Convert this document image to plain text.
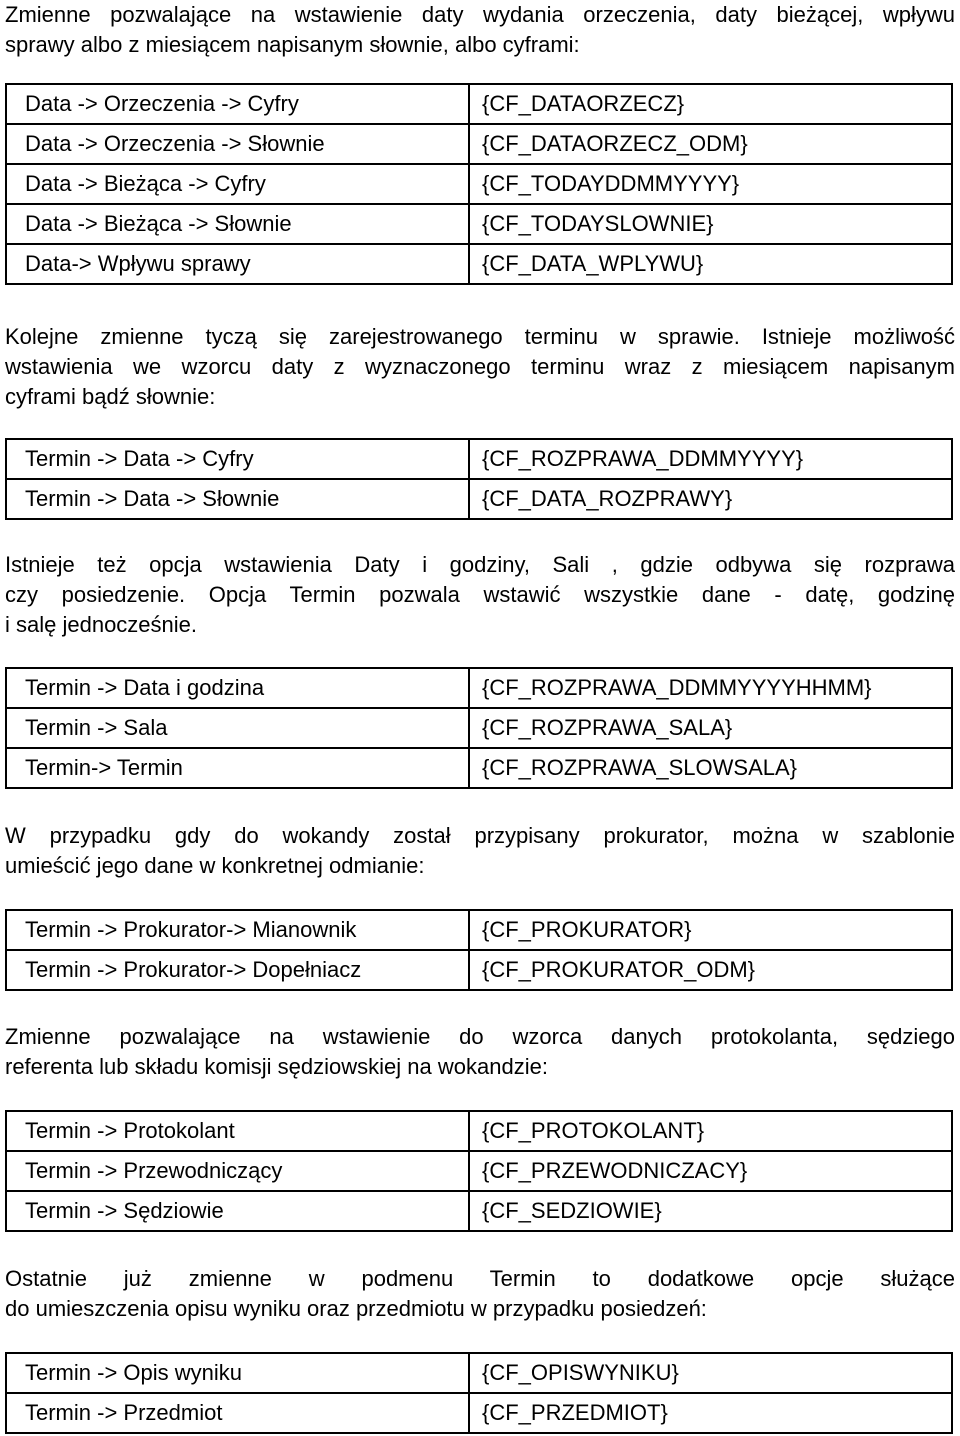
Zmienne pozwalające na wstawienie daty wydania orzeczenia, daty bieżącej, wpływu
sprawy albo z miesiącem napisanym słownie, albo cyframi:

Data -> Orzeczenia -> Cyfry	{CF_DATAORZECZ}
Data -> Orzeczenia -> Słownie	{CF_DATAORZECZ_ODM}
Data -> Bieżąca -> Cyfry	{CF_TODAYDDMMYYYY}
Data -> Bieżąca -> Słownie	{CF_TODAYSLOWNIE}
Data-> Wpływu sprawy	{CF_DATA_WPLYWU}

Kolejne zmienne tyczą się zarejestrowanego terminu w sprawie. Istnieje możliwość
wstawienia we wzorcu daty z wyznaczonego terminu wraz z miesiącem napisanym
cyframi bądź słownie:

Termin -> Data -> Cyfry	{CF_ROZPRAWA_DDMMYYYY}
Termin -> Data -> Słownie	{CF_DATA_ROZPRAWY}

Istnieje też opcja wstawienia Daty i godziny, Sali , gdzie odbywa się rozprawa
czy posiedzenie. Opcja Termin pozwala wstawić wszystkie dane - datę, godzinę
i salę jednocześnie.

Termin -> Data i godzina	{CF_ROZPRAWA_DDMMYYYYHHMM}
Termin -> Sala	{CF_ROZPRAWA_SALA}
Termin-> Termin	{CF_ROZPRAWA_SLOWSALA}

W przypadku gdy do wokandy został przypisany prokurator, można w szablonie
umieścić jego dane w konkretnej odmianie:

Termin -> Prokurator-> Mianownik	{CF_PROKURATOR}
Termin -> Prokurator-> Dopełniacz	{CF_PROKURATOR_ODM}

Zmienne pozwalające na wstawienie do wzorca danych protokolanta, sędziego
referenta lub składu komisji sędziowskiej na wokandzie:

Termin -> Protokolant	{CF_PROTOKOLANT}
Termin -> Przewodniczący	{CF_PRZEWODNICZACY}
Termin -> Sędziowie	{CF_SEDZIOWIE}

Ostatnie już zmienne w podmenu Termin to dodatkowe opcje służące
do umieszczenia opisu wyniku oraz przedmiotu w przypadku posiedzeń:

Termin -> Opis wyniku	{CF_OPISWYNIKU}
Termin -> Przedmiot	{CF_PRZEDMIOT}
